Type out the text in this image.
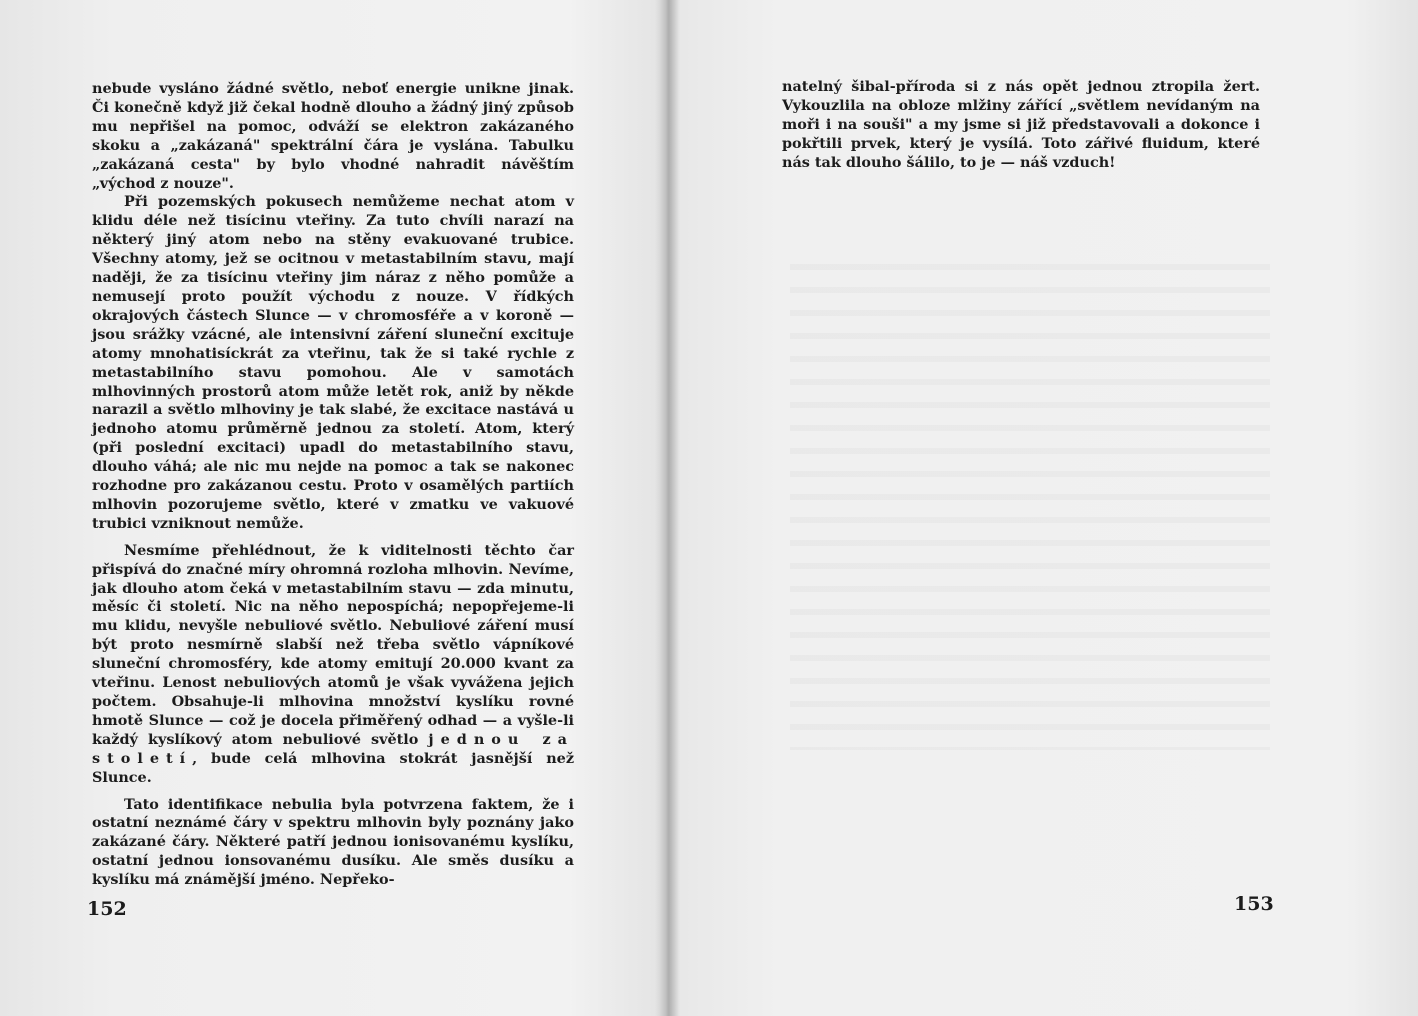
nebude vysláno žádné světlo, neboť energie unikne jinak. Či konečně když již čekal hodně dlouho a žádný jiný způsob mu nepřišel na pomoc, odváží se elektron zakázaného skoku a „zakázaná" spektrální čára je vyslána. Tabulku „zakázaná cesta" by bylo vhodné nahradit návěštím „východ z nouze".

Při pozemských pokusech nemůžeme nechat atom v klidu déle než tisícinu vteřiny. Za tuto chvíli narazí na některý jiný atom nebo na stěny evakuované trubice. Všechny atomy, jež se ocitnou v metastabilním stavu, mají naději, že za tisícinu vteřiny jim náraz z něho pomůže a nemusejí proto použít východu z nouze. V řídkých okrajových částech Slunce — v chromosféře a v koroně — jsou srážky vzácné, ale intensivní záření sluneční excituje atomy mnohatisíckrát za vteřinu, tak že si také rychle z metastabilního stavu pomohou. Ale v samotách mlhovinných prostorů atom může letět rok, aniž by někde narazil a světlo mlhoviny je tak slabé, že excitace nastává u jednoho atomu průměrně jednou za století. Atom, který (při poslední excitaci) upadl do metastabilního stavu, dlouho váhá; ale nic mu nejde na pomoc a tak se nakonec rozhodne pro zakázanou cestu. Proto v osamělých partiích mlhovin pozorujeme světlo, které v zmatku ve vakuové trubici vzniknout nemůže.

Nesmíme přehlédnout, že k viditelnosti těchto čar přispívá do značné míry ohromná rozloha mlhovin. Nevíme, jak dlouho atom čeká v metastabilním stavu — zda minutu, měsíc či století. Nic na něho nepospíchá; nepopřejeme-li mu klidu, nevyšle nebuliové světlo. Nebuliové záření musí být proto nesmírně slabší než třeba světlo vápníkové sluneční chromosféry, kde atomy emitují 20.000 kvant za vteřinu. Lenost nebuliových atomů je však vyvážena jejich počtem. Obsahuje-li mlhovina množství kyslíku rovné hmotě Slunce — což je docela přiměřený odhad — a vyšle-li každý kyslíkový atom nebuliové světlo jednou za století, bude celá mlhovina stokrát jasnější než Slunce.

Tato identifikace nebulia byla potvrzena faktem, že i ostatní neznámé čáry v spektru mlhovin byly poznány jako zakázané čáry. Některé patří jednou ionisovanému kyslíku, ostatní jednou ionsovanému dusíku. Ale směs dusíku a kyslíku má známější jméno. Nepřeko-

152

natelný šibal-příroda si z nás opět jednou ztropila žert. Vykouzlila na obloze mlžiny zářící „světlem nevídaným na moři i na souši" a my jsme si již představovali a dokonce i pokřtili prvek, který je vysílá. Toto zářivé fluidum, které nás tak dlouho šálilo, to je — náš vzduch!

153
